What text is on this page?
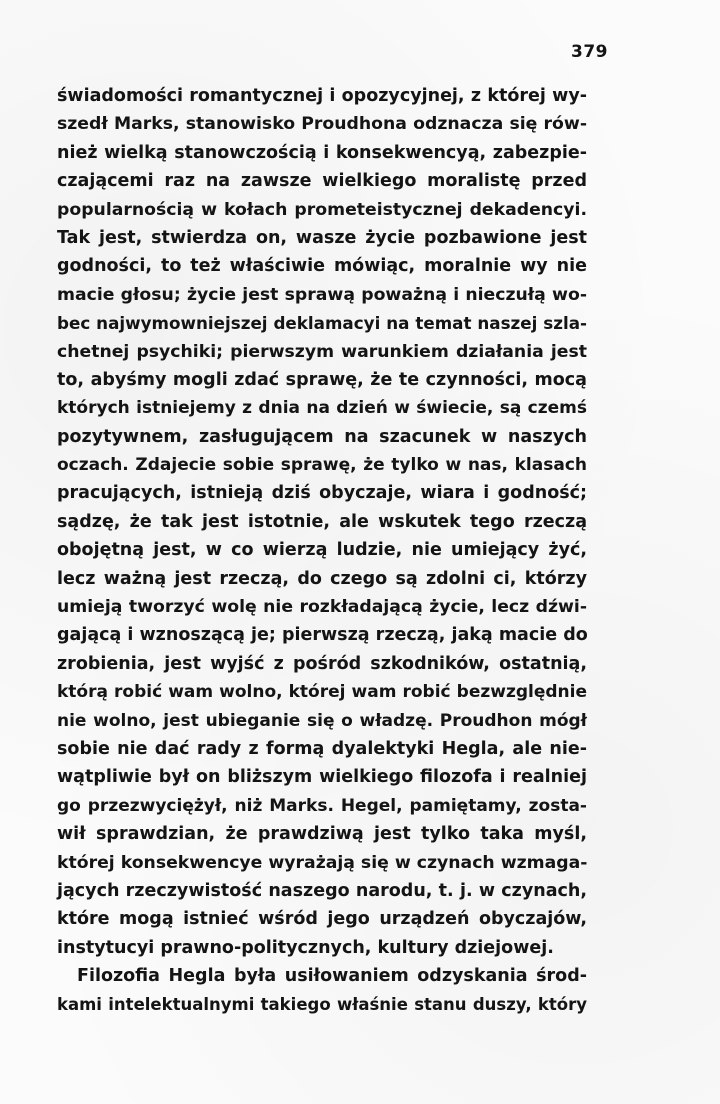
379
świadomości romantycznej i opozycyjnej, z której wy-
szedł Marks, stanowisko Proudhona odznacza się rów-
nież wielką stanowczością i konsekwencyą, zabezpie-
czającemi raz na zawsze wielkiego moralistę przed
popularnością w kołach prometeistycznej dekadencyi.
Tak jest, stwierdza on, wasze życie pozbawione jest
godności, to też właściwie mówiąc, moralnie wy nie
macie głosu; życie jest sprawą poważną i nieczułą wo-
bec najwymowniejszej deklamacyi na temat naszej szla-
chetnej psychiki; pierwszym warunkiem działania jest
to, abyśmy mogli zdać sprawę, że te czynności, mocą
których istniejemy z dnia na dzień w świecie, są czemś
pozytywnem, zasługującem na szacunek w naszych
oczach. Zdajecie sobie sprawę, że tylko w nas, klasach
pracujących, istnieją dziś obyczaje, wiara i godność;
sądzę, że tak jest istotnie, ale wskutek tego rzeczą
obojętną jest, w co wierzą ludzie, nie umiejący żyć,
lecz ważną jest rzeczą, do czego są zdolni ci, którzy
umieją tworzyć wolę nie rozkładającą życie, lecz dźwi-
gającą i wznoszącą je; pierwszą rzeczą, jaką macie do
zrobienia, jest wyjść z pośród szkodników, ostatnią,
którą robić wam wolno, której wam robić bezwzględnie
nie wolno, jest ubieganie się o władzę. Proudhon mógł
sobie nie dać rady z formą dyalektyki Hegla, ale nie-
wątpliwie był on bliższym wielkiego filozofa i realniej
go przezwyciężył, niż Marks. Hegel, pamiętamy, zosta-
wił sprawdzian, że prawdziwą jest tylko taka myśl,
której konsekwencye wyrażają się w czynach wzmaga-
jących rzeczywistość naszego narodu, t. j. w czynach,
które mogą istnieć wśród jego urządzeń obyczajów,
instytucyi prawno-politycznych, kultury dziejowej.
Filozofia Hegla była usiłowaniem odzyskania środ-
kami intelektualnymi takiego właśnie stanu duszy, który
